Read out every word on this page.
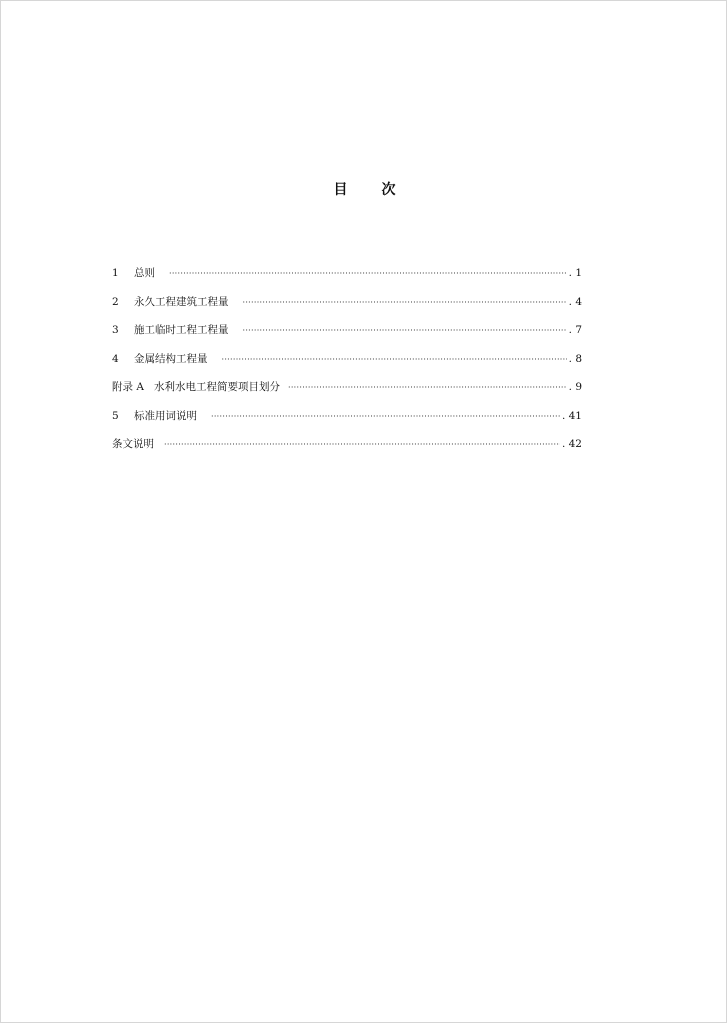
目 次
1	总则 ·····	. 1
2	永久工程建筑工程量 ·····	. 4
3	施工临时工程工程量 ·····	. 7
4	金属结构工程量 ·····	. 8
附录 A 水利水电工程简要项目划分 ·····	. 9
5	标准用词说明 ·····	. 41
条文说明 ·····	. 42
